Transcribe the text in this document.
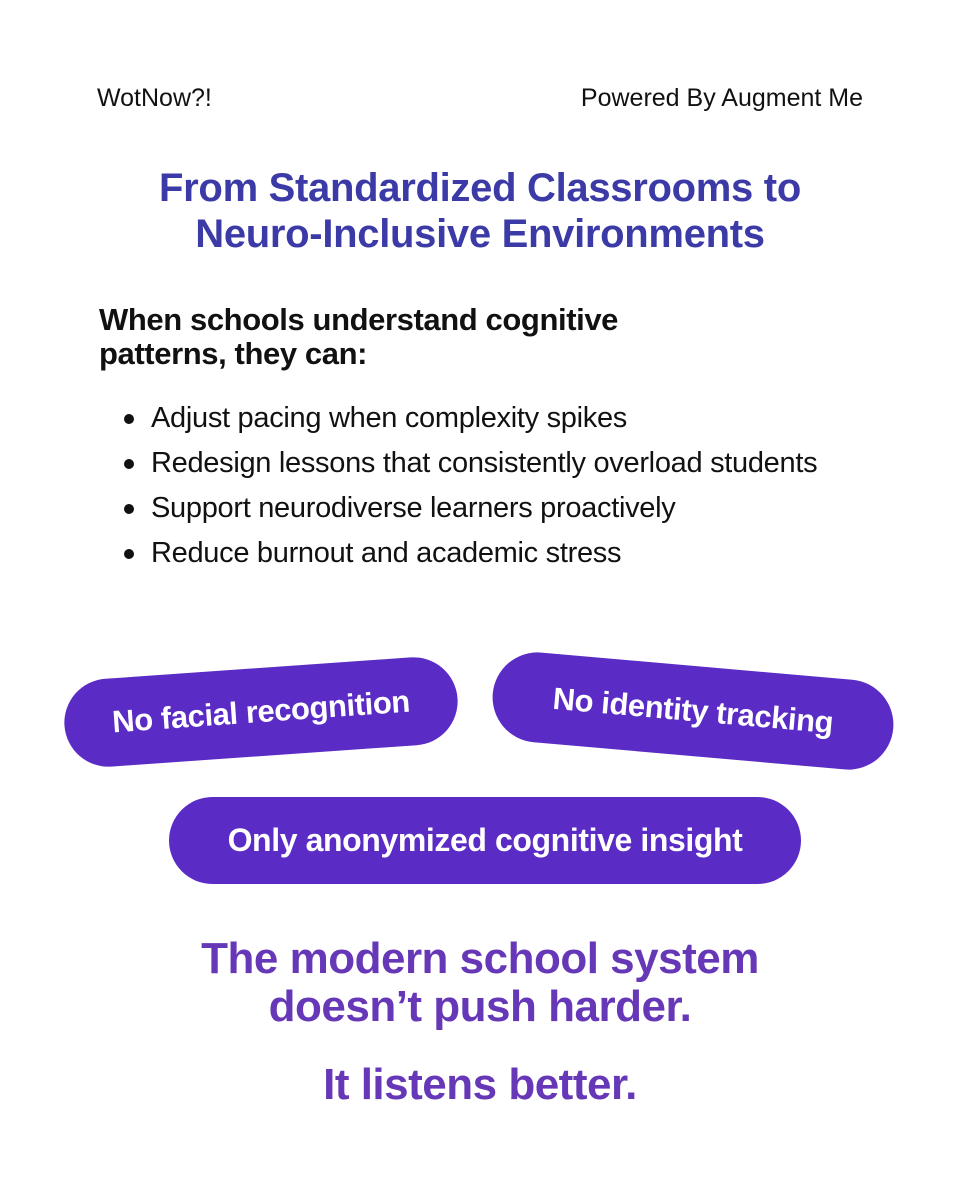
WotNow?!	Powered By Augment Me
From Standardized Classrooms to
Neuro-Inclusive Environments
When schools understand cognitive
patterns, they can:
Adjust pacing when complexity spikes
Redesign lessons that consistently overload students
Support neurodiverse learners proactively
Reduce burnout and academic stress
No facial recognition	No identity tracking
Only anonymized cognitive insight
The modern school system
doesn’t push harder.
It listens better.
